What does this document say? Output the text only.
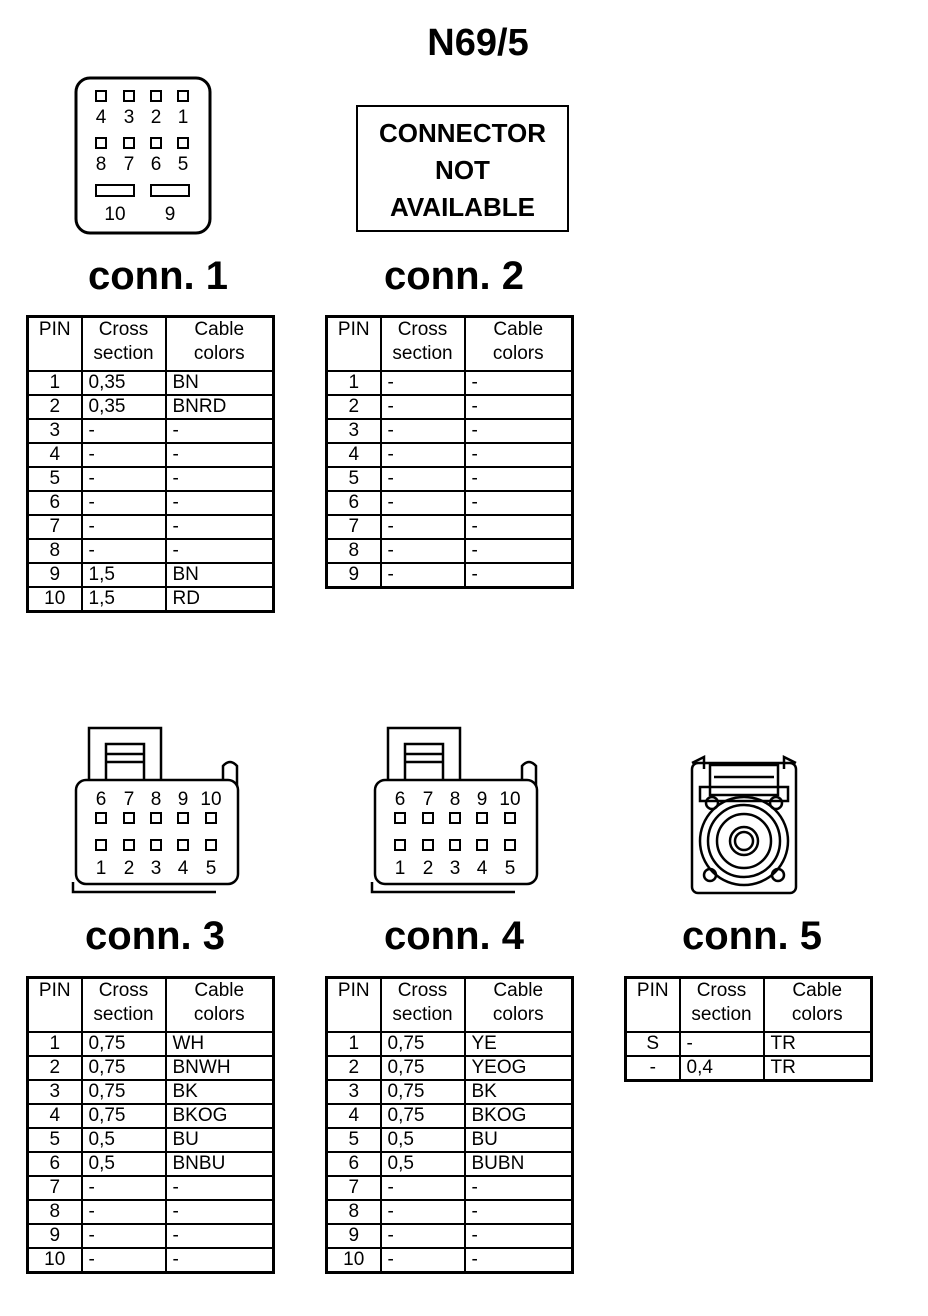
N69/5
4 3 2 1
8 7 6 5
10 9
CONNECTOR
NOT
AVAILABLE
conn. 1	conn. 2
PIN	Cross section	Cable colors
1	0,35	BN
2	0,35	BNRD
3	-	-
4	-	-
5	-	-
6	-	-
7	-	-
8	-	-
9	1,5	BN
10	1,5	RD
PIN	Cross section	Cable colors
1	-	-
2	-	-
3	-	-
4	-	-
5	-	-
6	-	-
7	-	-
8	-	-
9	-	-
6 7 8 9 10
1 2 3 4 5
6 7 8 9 10
1 2 3 4 5
conn. 3	conn. 4	conn. 5
PIN	Cross section	Cable colors
1	0,75	WH
2	0,75	BNWH
3	0,75	BK
4	0,75	BKOG
5	0,5	BU
6	0,5	BNBU
7	-	-
8	-	-
9	-	-
10	-	-
PIN	Cross section	Cable colors
1	0,75	YE
2	0,75	YEOG
3	0,75	BK
4	0,75	BKOG
5	0,5	BU
6	0,5	BUBN
7	-	-
8	-	-
9	-	-
10	-	-
PIN	Cross section	Cable colors
S	-	TR
-	0,4	TR
